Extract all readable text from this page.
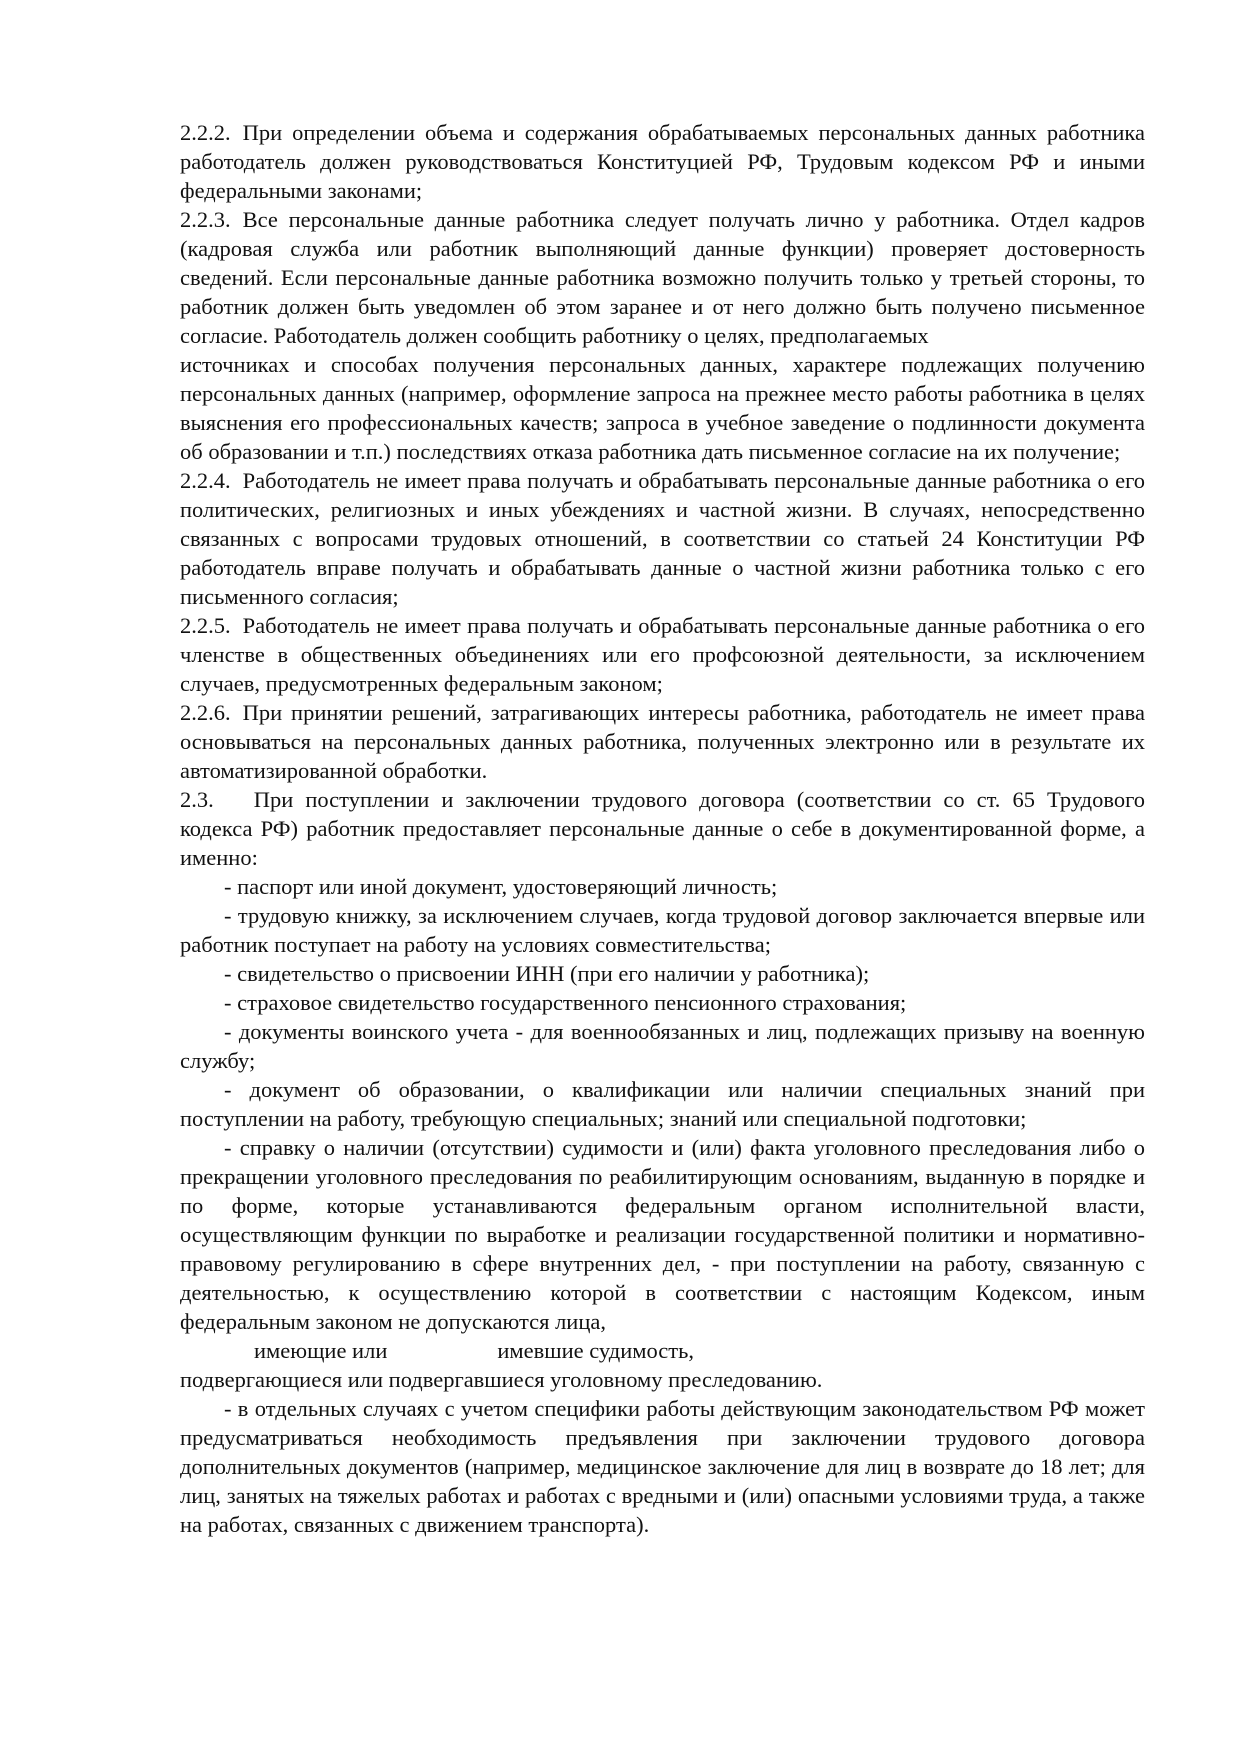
2.2.2. При определении объема и содержания обрабатываемых персональных данных работника работодатель должен руководствоваться Конституцией РФ, Трудовым кодексом РФ и иными федеральными законами;

2.2.3. Все персональные данные работника следует получать лично у работника. Отдел кадров (кадровая служба или работник выполняющий данные функции) проверяет достоверность сведений. Если персональные данные работника возможно получить только у третьей стороны, то работник должен быть уведомлен об этом заранее и от него должно быть получено письменное согласие. Работодатель должен сообщить работнику о целях, предполагаемых

источниках и способах получения персональных данных, характере подлежащих получению персональных данных (например, оформление запроса на прежнее место работы работника в целях выяснения его профессиональных качеств; запроса в учебное заведение о подлинности документа об образовании и т.п.) последствиях отказа работника дать письменное согласие на их получение;

2.2.4. Работодатель не имеет права получать и обрабатывать персональные данные работника о его политических, религиозных и иных убеждениях и частной жизни. В случаях, непосредственно связанных с вопросами трудовых отношений, в соответствии со статьей 24 Конституции РФ работодатель вправе получать и обрабатывать данные о частной жизни работника только с его письменного согласия;

2.2.5. Работодатель не имеет права получать и обрабатывать персональные данные работника о его членстве в общественных объединениях или его профсоюзной деятельности, за исключением случаев, предусмотренных федеральным законом;

2.2.6. При принятии решений, затрагивающих интересы работника, работодатель не имеет права основываться на персональных данных работника, полученных электронно или в результате их автоматизированной обработки.

2.3. При поступлении и заключении трудового договора (соответствии со ст. 65 Трудового кодекса РФ) работник предоставляет персональные данные о себе в документированной форме, а именно:

- паспорт или иной документ, удостоверяющий личность;

- трудовую книжку, за исключением случаев, когда трудовой договор заключается впервые или работник поступает на работу на условиях совместительства;

- свидетельство о присвоении ИНН (при его наличии у работника);

- страховое свидетельство государственного пенсионного страхования;

- документы воинского учета - для военнообязанных и лиц, подлежащих призыву на военную службу;

- документ об образовании, о квалификации или наличии специальных знаний при поступлении на работу, требующую специальных; знаний или специальной подготовки;

- справку о наличии (отсутствии) судимости и (или) факта уголовного преследования либо о прекращении уголовного преследования по реабилитирующим основаниям, выданную в порядке и по форме, которые устанавливаются федеральным органом исполнительной власти, осуществляющим функции по выработке и реализации государственной политики и нормативно-правовому регулированию в сфере внутренних дел, - при поступлении на работу, связанную с деятельностью, к осуществлению которой в соответствии с настоящим Кодексом, иным федеральным законом не допускаются лица,

имеющие или	имевшие судимость,

подвергающиеся или подвергавшиеся уголовному преследованию.

- в отдельных случаях с учетом специфики работы действующим законодательством РФ может предусматриваться необходимость предъявления при заключении трудового договора дополнительных документов (например, медицинское заключение для лиц в возврате до 18 лет; для лиц, занятых на тяжелых работах и работах с вредными и (или) опасными условиями труда, а также на работах, связанных с движением транспорта).
